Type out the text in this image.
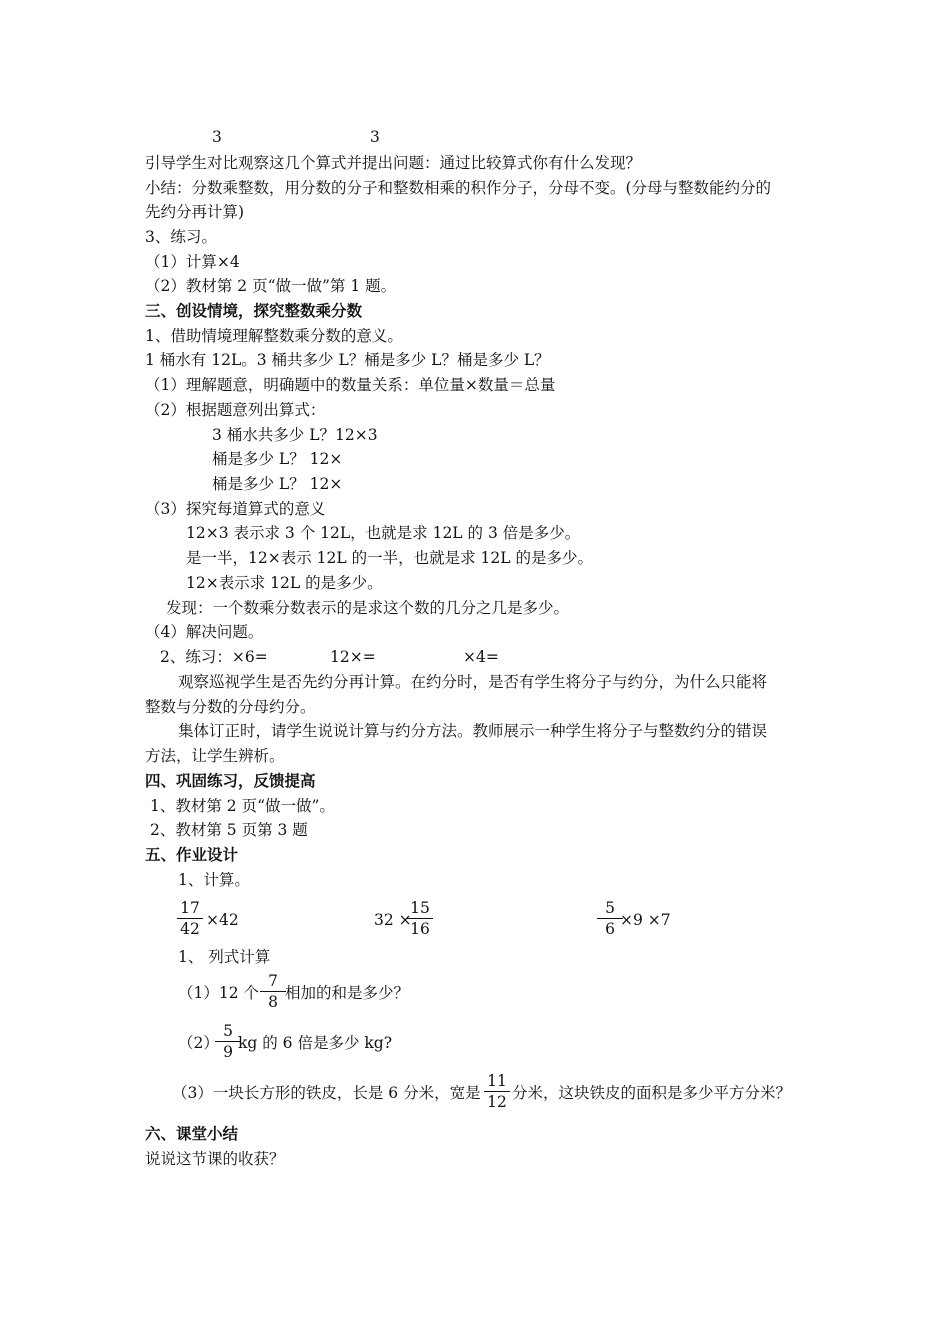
3	3
引导学生对比观察这几个算式并提出问题：通过比较算式你有什么发现？
小结：分数乘整数，用分数的分子和整数相乘的积作分子，分母不变。(分母与整数能约分的
先约分再计算)
3、练习。
（1）计算×4
（2）教材第 2 页“做一做”第 1 题。
三、创设情境，探究整数乘分数
1、借助情境理解整数乘分数的意义。
1 桶水有 12L。3 桶共多少 L？桶是多少 L？桶是多少 L？
（1）理解题意，明确题中的数量关系：单位量×数量＝总量
（2）根据题意列出算式：
3 桶水共多少 L？12×3
桶是多少 L？ 12×
桶是多少 L？ 12×
（3）探究每道算式的意义
12×3 表示求 3 个 12L，也就是求 12L 的 3 倍是多少。
是一半，12×表示 12L 的一半，也就是求 12L 的是多少。
12×表示求 12L 的是多少。
发现：一个数乘分数表示的是求这个数的几分之几是多少。
（4）解决问题。
2、练习：×6=	12×=	×4=
观察巡视学生是否先约分再计算。在约分时，是否有学生将分子与约分，为什么只能将
整数与分数的分母约分。
集体订正时，请学生说说计算与约分方法。教师展示一种学生将分子与整数约分的错误
方法，让学生辨析。
四、巩固练习，反馈提高
1、教材第 2 页“做一做”。
2、教材第 5 页第 3 题
五、作业设计
1、计算。
17
42 ×42	32 ×
15
16
5
6 ×9 ×7
1、 列式计算
（1）12 个
7
8 相加的和是多少？
（2）
5
9 kg 的 6 倍是多少 kg?
（3）一块长方形的铁皮，长是 6 分米，宽是
11
12 分米，这块铁皮的面积是多少平方分米？
六、课堂小结
说说这节课的收获？
